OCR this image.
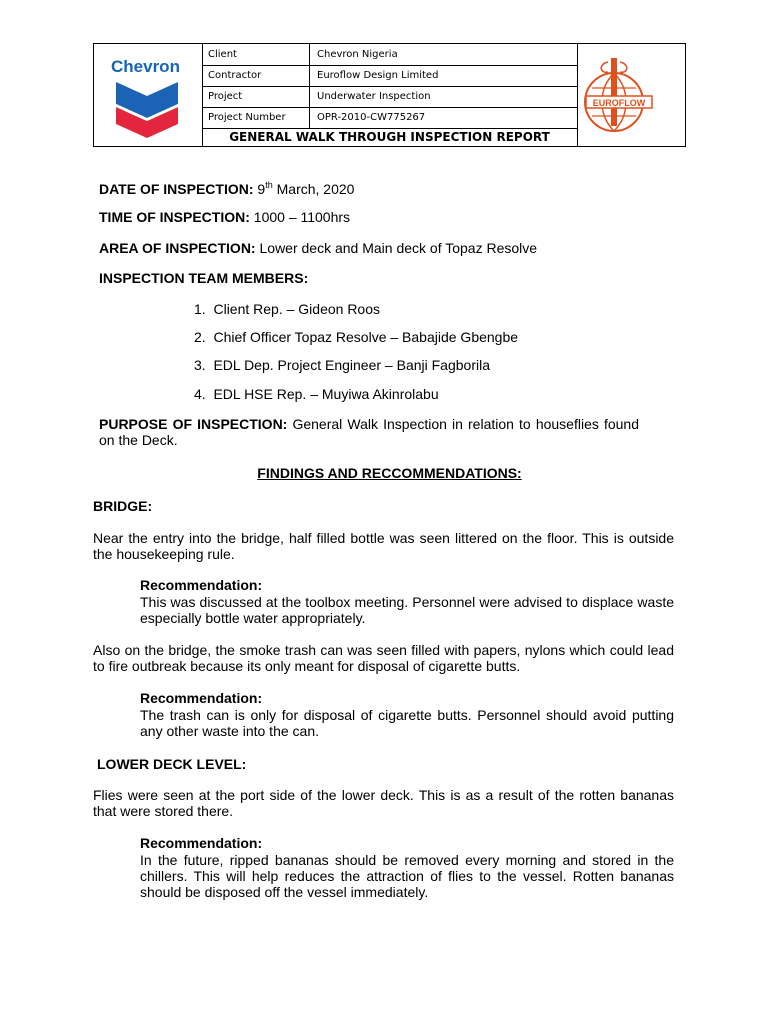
Chevron
Client	Chevron Nigeria
Contractor	Euroflow Design Limited
Project	Underwater Inspection
Project Number	OPR-2010-CW775267
GENERAL WALK THROUGH INSPECTION REPORT
EUROFLOW
DATE OF INSPECTION: 9th March, 2020
TIME OF INSPECTION: 1000 – 1100hrs
AREA OF INSPECTION: Lower deck and Main deck of Topaz Resolve
INSPECTION TEAM MEMBERS:
1.  Client Rep. – Gideon Roos
2.  Chief Officer Topaz Resolve – Babajide Gbengbe
3.  EDL Dep. Project Engineer – Banji Fagborila
4.  EDL HSE Rep. – Muyiwa Akinrolabu
PURPOSE OF INSPECTION: General Walk Inspection in relation to houseflies found on the Deck.
FINDINGS AND RECCOMMENDATIONS:
BRIDGE:
Near the entry into the bridge, half filled bottle was seen littered on the floor. This is outside the housekeeping rule.
Recommendation:
This was discussed at the toolbox meeting. Personnel were advised to displace waste especially bottle water appropriately.
Also on the bridge, the smoke trash can was seen filled with papers, nylons which could lead to fire outbreak because its only meant for disposal of cigarette butts.
Recommendation:
The trash can is only for disposal of cigarette butts. Personnel should avoid putting any other waste into the can.
LOWER DECK LEVEL:
Flies were seen at the port side of the lower deck. This is as a result of the rotten bananas that were stored there.
Recommendation:
In the future, ripped bananas should be removed every morning and stored in the chillers. This will help reduces the attraction of flies to the vessel. Rotten bananas should be disposed off the vessel immediately.
